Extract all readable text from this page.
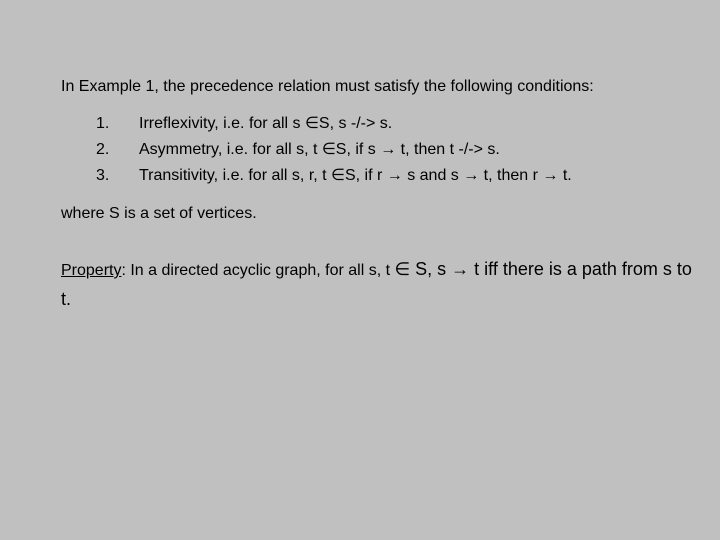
In Example 1, the precedence relation must satisfy the following conditions:
1.	Irreflexivity, i.e. for all s ∈S, s -/-> s.
2.	Asymmetry, i.e. for all s, t ∈S, if s → t, then t -/-> s.
3.	Transitivity, i.e. for all s, r, t ∈S, if r → s and s → t, then r → t.
where S is a set of vertices.
Property: In a directed acyclic graph, for all s, t ∈ S, s → t iff there is a path from s to t.
